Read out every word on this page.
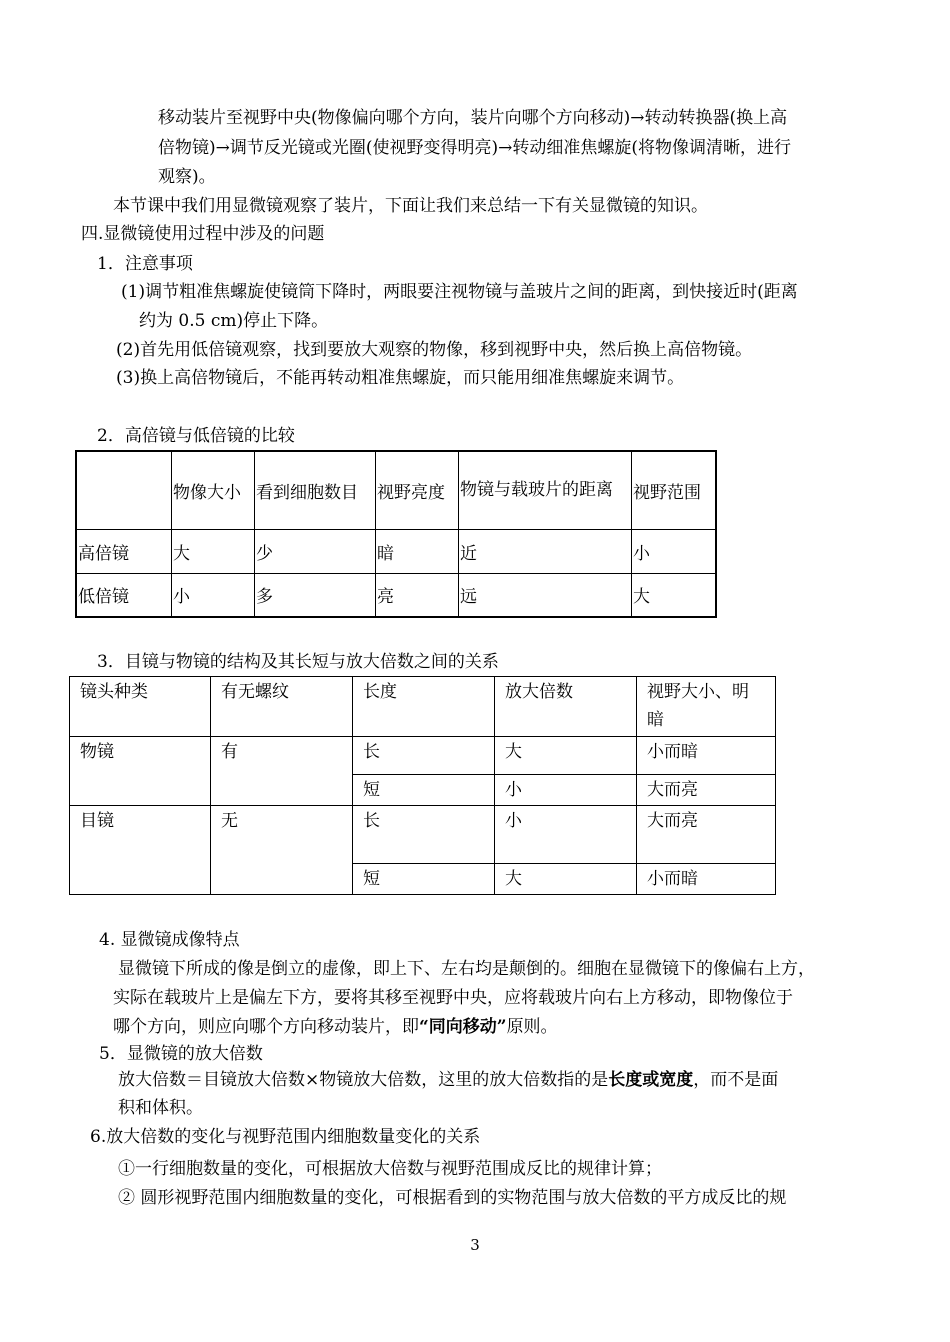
移动装片至视野中央(物像偏向哪个方向，装片向哪个方向移动)→转动转换器(换上高
倍物镜)→调节反光镜或光圈(使视野变得明亮)→转动细准焦螺旋(将物像调清晰，进行
观察)。
本节课中我们用显微镜观察了装片，下面让我们来总结一下有关显微镜的知识。
四.显微镜使用过程中涉及的问题
1．注意事项
(1)调节粗准焦螺旋使镜筒下降时，两眼要注视物镜与盖玻片之间的距离，到快接近时(距离
约为 0.5 cm)停止下降。
(2)首先用低倍镜观察，找到要放大观察的物像，移到视野中央，然后换上高倍物镜。
(3)换上高倍物镜后，不能再转动粗准焦螺旋，而只能用细准焦螺旋来调节。
2．高倍镜与低倍镜的比较
	物像大小	看到细胞数目	视野亮度	物镜与载玻片的距离	视野范围
高倍镜	大	少	暗	近	小
低倍镜	小	多	亮	远	大
3．目镜与物镜的结构及其长短与放大倍数之间的关系
镜头种类	有无螺纹	长度	放大倍数	视野大小、明暗
物镜	有	长	大	小而暗
		短	小	大而亮
目镜	无	长	小	大而亮
		短	大	小而暗
4. 显微镜成像特点
显微镜下所成的像是倒立的虚像，即上下、左右均是颠倒的。细胞在显微镜下的像偏右上方，
实际在载玻片上是偏左下方，要将其移至视野中央，应将载玻片向右上方移动，即物像位于
哪个方向，则应向哪个方向移动装片，即“同向移动”原则。
5．显微镜的放大倍数
放大倍数＝目镜放大倍数×物镜放大倍数，这里的放大倍数指的是长度或宽度，而不是面
积和体积。
6.放大倍数的变化与视野范围内细胞数量变化的关系
①一行细胞数量的变化，可根据放大倍数与视野范围成反比的规律计算；
② 圆形视野范围内细胞数量的变化，可根据看到的实物范围与放大倍数的平方成反比的规
3
